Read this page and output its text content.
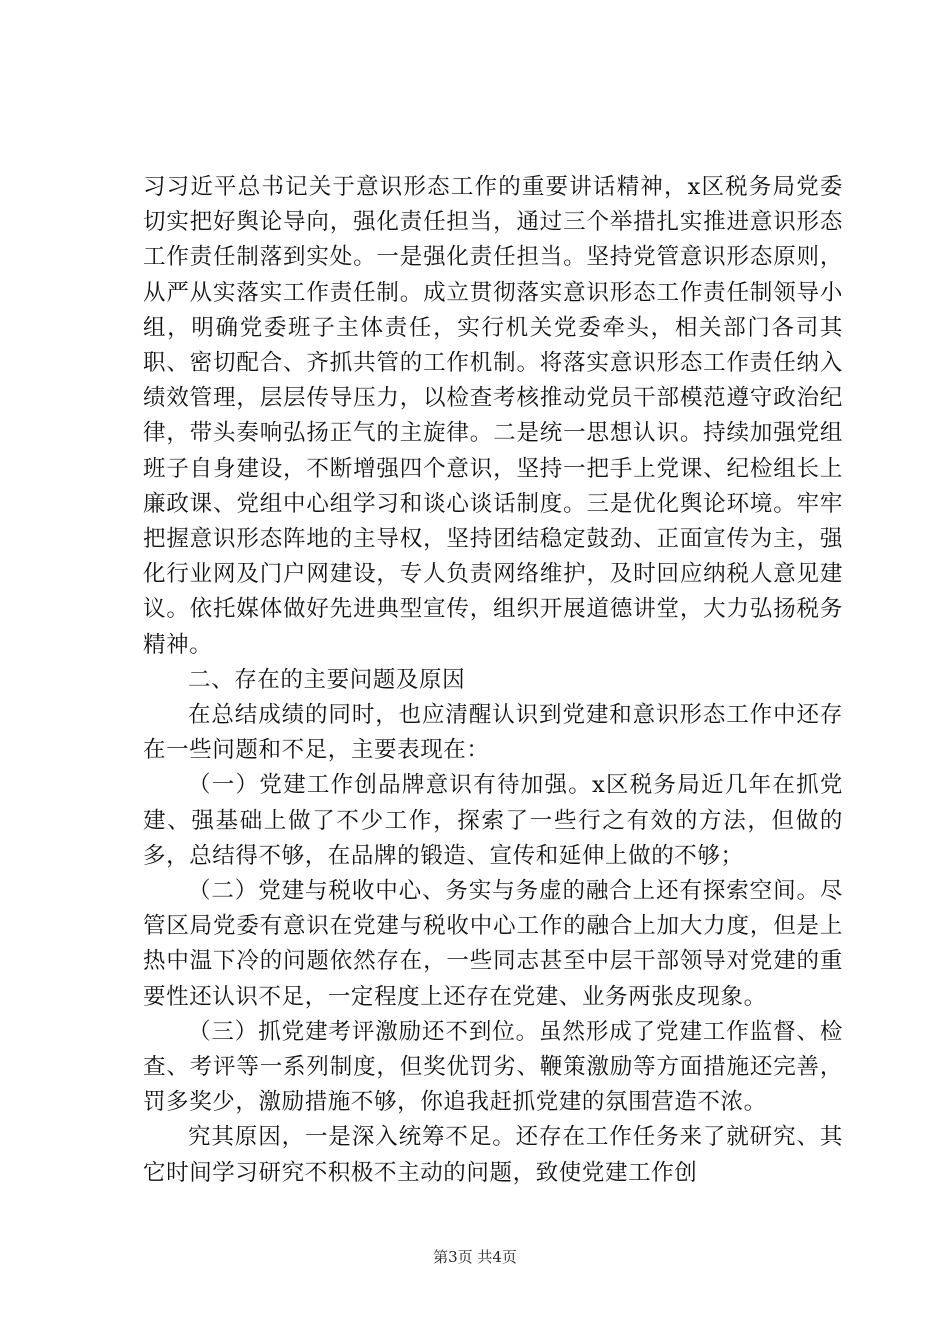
习习近平总书记关于意识形态工作的重要讲话精神，x区税务局党委切实把好舆论导向，强化责任担当，通过三个举措扎实推进意识形态工作责任制落到实处。一是强化责任担当。坚持党管意识形态原则，从严从实落实工作责任制。成立贯彻落实意识形态工作责任制领导小组，明确党委班子主体责任，实行机关党委牵头，相关部门各司其职、密切配合、齐抓共管的工作机制。将落实意识形态工作责任纳入绩效管理，层层传导压力，以检查考核推动党员干部模范遵守政治纪律，带头奏响弘扬正气的主旋律。二是统一思想认识。持续加强党组班子自身建设，不断增强四个意识，坚持一把手上党课、纪检组长上廉政课、党组中心组学习和谈心谈话制度。三是优化舆论环境。牢牢把握意识形态阵地的主导权，坚持团结稳定鼓劲、正面宣传为主，强化行业网及门户网建设，专人负责网络维护，及时回应纳税人意见建议。依托媒体做好先进典型宣传，组织开展道德讲堂，大力弘扬税务精神。

二、存在的主要问题及原因

在总结成绩的同时，也应清醒认识到党建和意识形态工作中还存在一些问题和不足，主要表现在：

（一）党建工作创品牌意识有待加强。x区税务局近几年在抓党建、强基础上做了不少工作，探索了一些行之有效的方法，但做的多，总结得不够，在品牌的锻造、宣传和延伸上做的不够；

（二）党建与税收中心、务实与务虚的融合上还有探索空间。尽管区局党委有意识在党建与税收中心工作的融合上加大力度，但是上热中温下冷的问题依然存在，一些同志甚至中层干部领导对党建的重要性还认识不足，一定程度上还存在党建、业务两张皮现象。

（三）抓党建考评激励还不到位。虽然形成了党建工作监督、检查、考评等一系列制度，但奖优罚劣、鞭策激励等方面措施还完善，罚多奖少，激励措施不够，你追我赶抓党建的氛围营造不浓。

究其原因，一是深入统筹不足。还存在工作任务来了就研究、其它时间学习研究不积极不主动的问题，致使党建工作创

第3页 共4页
